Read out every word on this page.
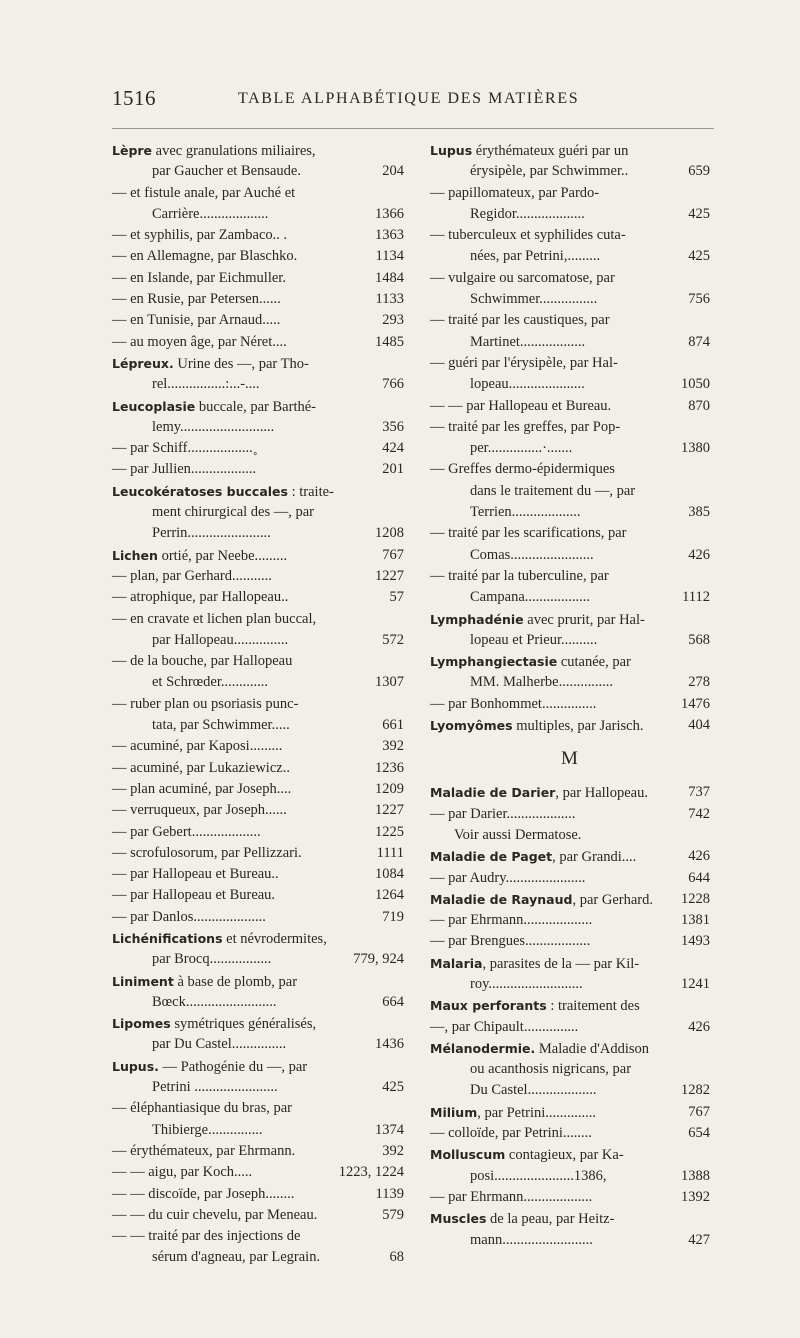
1516	TABLE ALPHABÉTIQUE DES MATIÈRES
Lèpre avec granulations miliaires,
par Gaucher et Bensaude.	204
— et fistule anale, par Auché et
Carrière...................	1366
— et syphilis, par Zambaco.. .	1363
— en Allemagne, par Blaschko.	1134
— en Islande, par Eichmuller.	1484
— en Rusie, par Petersen......	1133
— en Tunisie, par Arnaud.....	293
— au moyen âge, par Néret....	1485
Lépreux. Urine des —, par Tho-
rel................:...-....	766
Leucoplasie buccale, par Barthé-
lemy..........................	356
— par Schiff..................˳	424
— par Jullien..................	201
Leucokératoses buccales : traite-
ment chirurgical des —, par
Perrin.......................	1208
Lichen ortié, par Neebe.........	767
— plan, par Gerhard...........	1227
— atrophique, par Hallopeau..	57
— en cravate et lichen plan buccal,
par Hallopeau...............	572
— de la bouche, par Hallopeau
et Schrœder.............	1307
— ruber plan ou psoriasis punc-
tata, par Schwimmer.....	661
— acuminé, par Kaposi.........	392
— acuminé, par Lukaziewicz..	1236
— plan acuminé, par Joseph....	1209
— verruqueux, par Joseph......	1227
— par Gebert...................	1225
— scrofulosorum, par Pellizzari.	1111
— par Hallopeau et Bureau..	1084
— par Hallopeau et Bureau.	1264
— par Danlos....................	719
Lichénifications et névrodermites,
par Brocq.................	779, 924
Liniment à base de plomb, par
Bœck.........................	664
Lipomes symétriques généralisés,
par Du Castel...............	1436
Lupus. — Pathogénie du —, par
Petrini .......................	425
— éléphantiasique du bras, par
Thibierge...............	1374
— érythémateux, par Ehrmann.	392
— — aigu, par Koch.....	1223, 1224
— — discoïde, par Joseph........	1139
— — du cuir chevelu, par Meneau.	579
— — traité par des injections de
sérum d'agneau, par Legrain.	68
Lupus érythémateux guéri par un
érysipèle, par Schwimmer..	659
— papillomateux, par Pardo-
Regidor...................	425
— tuberculeux et syphilides cuta-
nées, par Petrini,.........	425
— vulgaire ou sarcomatose, par
Schwimmer................	756
— traité par les caustiques, par
Martinet..................	874
— guéri par l'érysipèle, par Hal-
lopeau.....................	1050
— — par Hallopeau et Bureau.	870
— traité par les greffes, par Pop-
per...............·.......	1380
— Greffes dermo-épidermiques
dans le traitement du —, par
Terrien...................	385
— traité par les scarifications, par
Comas.......................	426
— traité par la tuberculine, par
Campana..................	1112
Lymphadénie avec prurit, par Hal-
lopeau et Prieur..........	568
Lymphangiectasie cutanée, par
MM. Malherbe...............	278
— par Bonhommet...............	1476
Lyomyômes multiples, par Jarisch.	404
M
Maladie de Darier, par Hallopeau.	737
— par Darier...................	742
Voir aussi Dermatose.
Maladie de Paget, par Grandi....	426
— par Audry......................	644
Maladie de Raynaud, par Gerhard. 1228
— par Ehrmann...................	1381
— par Brengues..................	1493
Malaria, parasites de la — par Kil-
roy..........................	1241
Maux perforants : traitement des
—, par Chipault...............	426
Mélanodermie. Maladie d'Addison
ou acanthosis nigricans, par
Du Castel...................	1282
Milium, par Petrini..............	767
— colloïde, par Petrini........	654
Molluscum contagieux, par Ka-
posi......................1386,	1388
— par Ehrmann...................	1392
Muscles de la peau, par Heitz-
mann.........................	427
